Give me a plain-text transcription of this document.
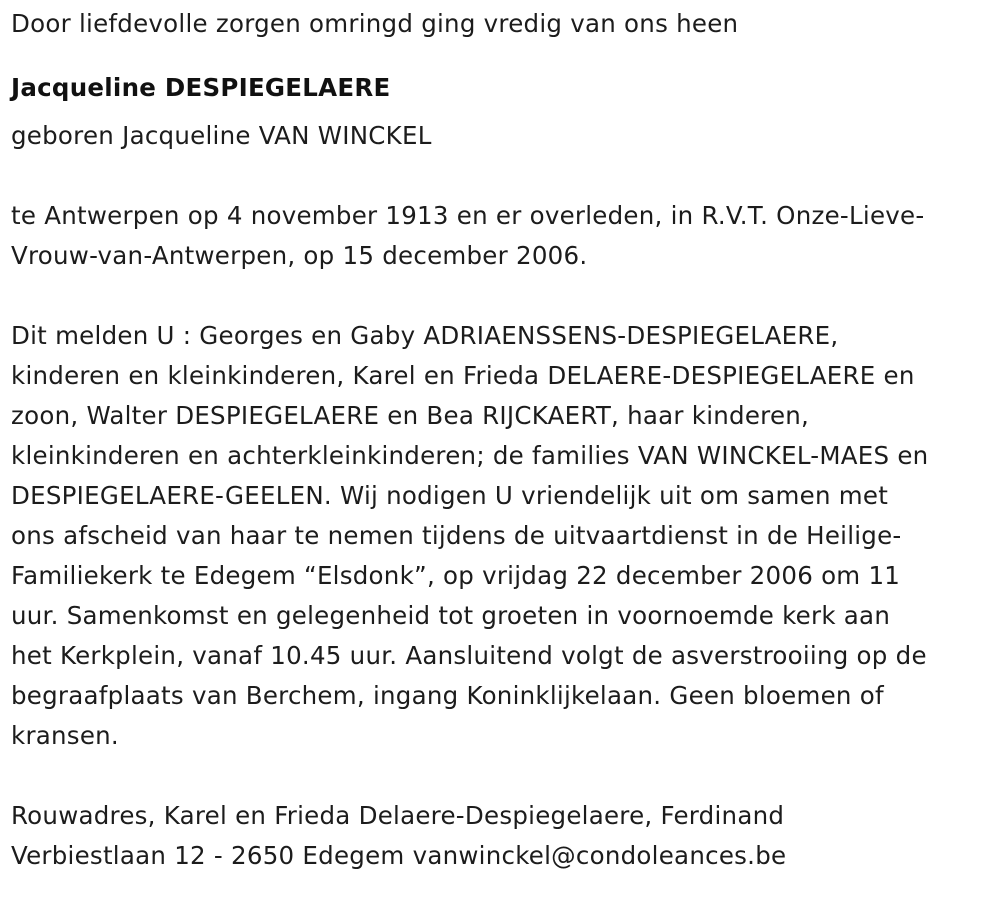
Door liefdevolle zorgen omringd ging vredig van ons heen

Jacqueline DESPIEGELAERE

geboren Jacqueline VAN WINCKEL

te Antwerpen op 4 november 1913 en er overleden, in R.V.T. Onze-Lieve-

Vrouw-van-Antwerpen, op 15 december 2006.

Dit melden U : Georges en Gaby ADRIAENSSENS-DESPIEGELAERE,

kinderen en kleinkinderen, Karel en Frieda DELAERE-DESPIEGELAERE en

zoon, Walter DESPIEGELAERE en Bea RIJCKAERT, haar kinderen,

kleinkinderen en achterkleinkinderen; de families VAN WINCKEL-MAES en

DESPIEGELAERE-GEELEN. Wij nodigen U vriendelijk uit om samen met

ons afscheid van haar te nemen tijdens de uitvaartdienst in de Heilige-

Familiekerk te Edegem “Elsdonk”, op vrijdag 22 december 2006 om 11

uur. Samenkomst en gelegenheid tot groeten in voornoemde kerk aan

het Kerkplein, vanaf 10.45 uur. Aansluitend volgt de asverstrooiing op de

begraafplaats van Berchem, ingang Koninklijkelaan. Geen bloemen of

kransen.

Rouwadres, Karel en Frieda Delaere-Despiegelaere, Ferdinand

Verbiestlaan 12 - 2650 Edegem vanwinckel@condoleances.be
